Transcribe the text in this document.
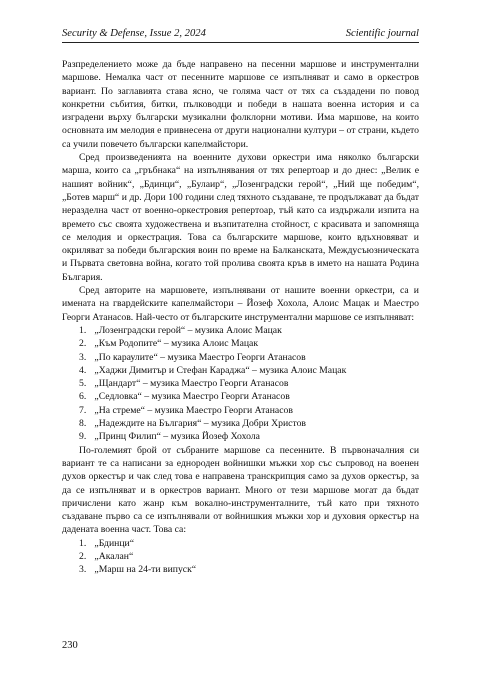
Security & Defense, Issue 2, 2024	Scientific journal

Разпределението може да бъде направено на песенни маршове и инструментални маршове. Немалка част от песенните маршове се изпълняват и само в оркестров вариант. По заглавията става ясно, че голяма част от тях са създадени по повод конкретни събития, битки, пълководци и победи в нашата военна история и са изградени върху български музикални фолклорни мотиви. Има маршове, на които основната им мелодия е привнесена от други национални култури – от страни, където са учили повечето български капелмайстори.

Сред произведенията на военните духови оркестри има няколко български марша, които са „гръбнака“ на изпълнявания от тях репертоар и до днес: „Велик е нашият войник“, „Бдинци“, „Булаир“, „Лозенградски герой“, „Ний ще победим“, „Ботев марш“ и др. Дори 100 години след тяхното създаване, те продължават да бъдат неразделна част от военно-оркестровия репертоар, тъй като са издържали изпита на времето със своята художествена и възпитателна стойност, с красивата и запомняща се мелодия и оркестрация. Това са българските маршове, които вдъхновяват и окриляват за победи българския воин по време на Балканската, Междусъюзническата и Първата световна война, когато той пролива своята кръв в името на нашата Родина България.

Сред авторите на маршовете, изпълнявани от нашите военни оркестри, са и имената на гвардейските капелмайстори – Йозеф Хохола, Алоис Мацак и Маестро Георги Атанасов. Най-често от българските инструментални маршове се изпълняват:

1. „Лозенградски герой“ – музика Алоис Мацак
2. „Към Родопите“ – музика Алоис Мацак
3. „По караулите“ – музика Маестро Георги Атанасов
4. „Хаджи Димитър и Стефан Караджа“ – музика Алоис Мацак
5. „Щандарт“ – музика Маестро Георги Атанасов
6. „Седловка“ – музика Маестро Георги Атанасов
7. „На стреме“ – музика Маестро Георги Атанасов
8. „Надеждите на България“ – музика Добри Христов
9. „Принц Филип“ – музика Йозеф Хохола

По-големият брой от събраните маршове са песенните. В първоначалния си вариант те са написани за еднороден войнишки мъжки хор със съпровод на военен духов оркестър и чак след това е направена транскрипция само за духов оркестър, за да се изпълняват и в оркестров вариант. Много от тези маршове могат да бъдат причислени като жанр към вокално-инструменталните, тъй като при тяхното създаване първо са се изпълнявали от войнишкия мъжки хор и духовия оркестър на дадената военна част. Това са:

1. „Бдинци“
2. „Акалан“
3. „Марш на 24-ти випуск“
230
